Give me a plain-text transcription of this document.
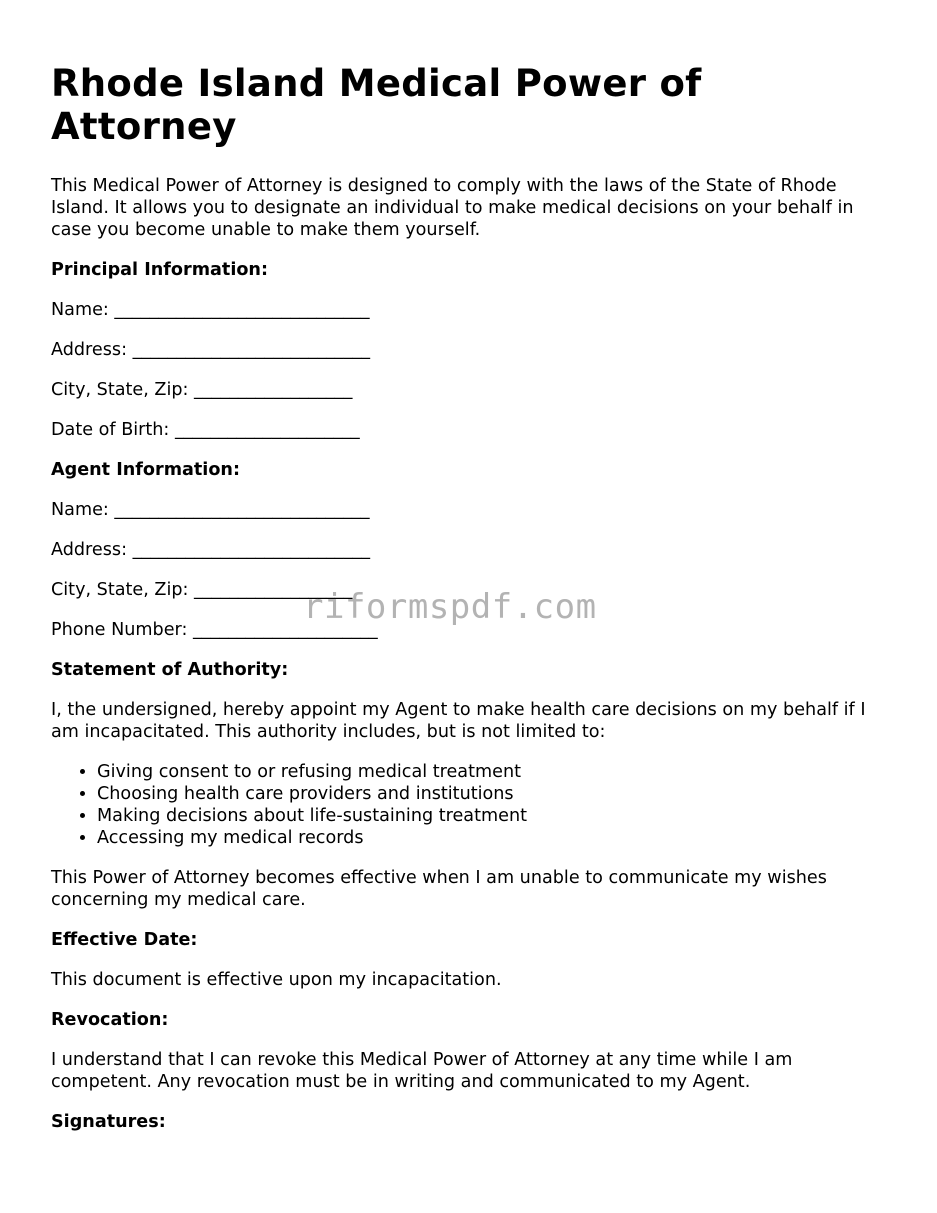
Rhode Island Medical Power of Attorney

This Medical Power of Attorney is designed to comply with the laws of the State of Rhode Island. It allows you to designate an individual to make medical decisions on your behalf in case you become unable to make them yourself.

Principal Information:

Name: _____________________________

Address: ___________________________

City, State, Zip: __________________

Date of Birth: _____________________

Agent Information:

Name: _____________________________

Address: ___________________________

City, State, Zip: __________________

Phone Number: _____________________

Statement of Authority:

I, the undersigned, hereby appoint my Agent to make health care decisions on my behalf if I am incapacitated. This authority includes, but is not limited to:

• Giving consent to or refusing medical treatment
• Choosing health care providers and institutions
• Making decisions about life-sustaining treatment
• Accessing my medical records

This Power of Attorney becomes effective when I am unable to communicate my wishes concerning my medical care.

Effective Date:

This document is effective upon my incapacitation.

Revocation:

I understand that I can revoke this Medical Power of Attorney at any time while I am competent. Any revocation must be in writing and communicated to my Agent.

Signatures:

riformspdf.com
